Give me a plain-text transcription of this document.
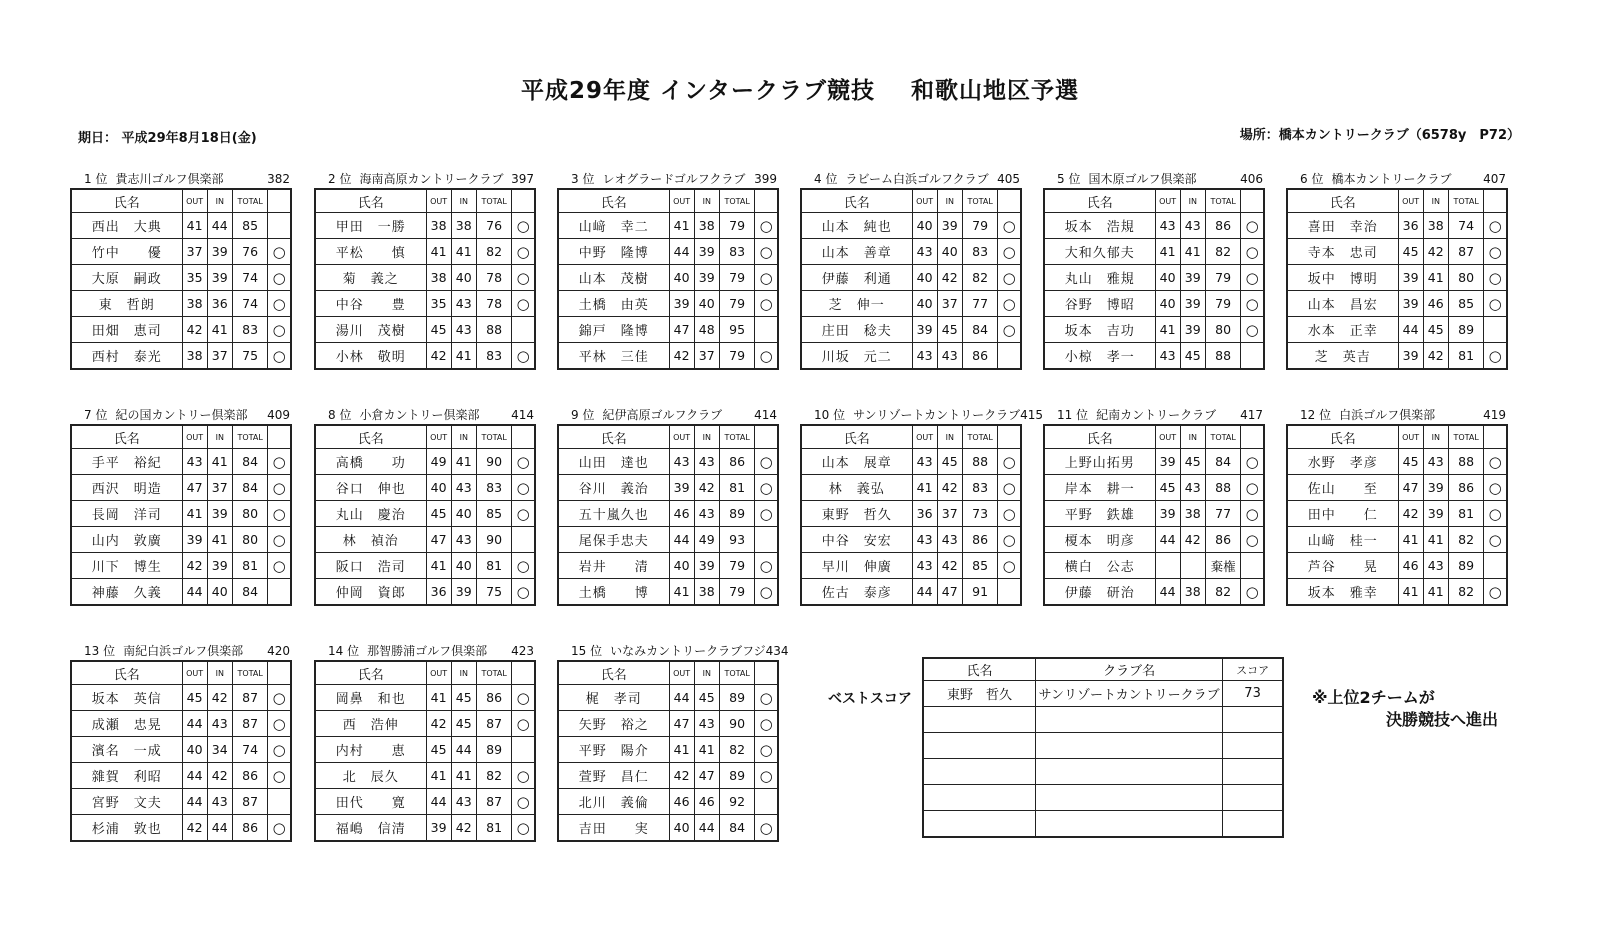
平成29年度 インタークラブ競技 和歌山地区予選
期日： 平成29年8月18日(金)	場所：橋本カントリークラブ（6578y　P72）
1 位 貴志川ゴルフ倶楽部	382
氏名	OUT	IN	TOTAL	
西出　大典	41	44	85	
竹中　　優	37	39	76	○
大原　嗣政	35	39	74	○
東　哲朗	38	36	74	○
田畑　恵司	42	41	83	○
西村　泰光	38	37	75	○
2 位 海南高原カントリークラブ 397
氏名	OUT	IN	TOTAL	
甲田　一勝	38	38	76	○
平松　　慎	41	41	82	○
菊　義之	38	40	78	○
中谷　　豊	35	43	78	○
湯川　茂樹	45	43	88	
小林　敬明	42	41	83	○
3 位 レオグラードゴルフクラブ 399
氏名	OUT	IN	TOTAL	
山﨑　幸二	41	38	79	○
中野　隆博	44	39	83	○
山本　茂樹	40	39	79	○
土橋　由英	39	40	79	○
錦戸　隆博	47	48	95	
平林　三佳	42	37	79	○
4 位 ラビーム白浜ゴルフクラブ 405
氏名	OUT	IN	TOTAL	
山本　純也	40	39	79	○
山本　善章	43	40	83	○
伊藤　利通	40	42	82	○
芝　伸一	40	37	77	○
庄田　稔夫	39	45	84	○
川坂　元二	43	43	86	
5 位 国木原ゴルフ倶楽部	406
氏名	OUT	IN	TOTAL	
坂本　浩規	43	43	86	○
大和久郁夫	41	41	82	○
丸山　雅規	40	39	79	○
谷野　博昭	40	39	79	○
坂本　吉功	41	39	80	○
小椋　孝一	43	45	88	
6 位 橋本カントリークラブ	407
氏名	OUT	IN	TOTAL	
喜田　幸治	36	38	74	○
寺本　忠司	45	42	87	○
坂中　博明	39	41	80	○
山本　昌宏	39	46	85	○
水本　正幸	44	45	89	
芝　英吉	39	42	81	○
7 位 紀の国カントリー倶楽部	409
氏名	OUT	IN	TOTAL	
手平　裕紀	43	41	84	○
西沢　明造	47	37	84	○
長岡　洋司	41	39	80	○
山内　敦廣	39	41	80	○
川下　博生	42	39	81	○
神藤　久義	44	40	84	
8 位 小倉カントリー倶楽部	414
氏名	OUT	IN	TOTAL	
高橋　　功	49	41	90	○
谷口　伸也	40	43	83	○
丸山　慶治	45	40	85	○
林　禎治	47	43	90	
阪口　浩司	41	40	81	○
仲岡　資郎	36	39	75	○
9 位 紀伊高原ゴルフクラブ	414
氏名	OUT	IN	TOTAL	
山田　達也	43	43	86	○
谷川　義治	39	42	81	○
五十嵐久也	46	43	89	○
尾保手忠夫	44	49	93	
岩井　　清	40	39	79	○
土橋　　博	41	38	79	○
10 位 サンリゾートカントリークラブ 415
氏名	OUT	IN	TOTAL	
山本　展章	43	45	88	○
林　義弘	41	42	83	○
東野　哲久	36	37	73	○
中谷　安宏	43	43	86	○
早川　伸廣	43	42	85	○
佐古　泰彦	44	47	91	
11 位 紀南カントリークラブ	417
氏名	OUT	IN	TOTAL	
上野山拓男	39	45	84	○
岸本　耕一	45	43	88	○
平野　鉄雄	39	38	77	○
榎本　明彦	44	42	86	○
横白　公志			棄権	
伊藤　研治	44	38	82	○
12 位 白浜ゴルフ倶楽部	419
氏名	OUT	IN	TOTAL	
水野　孝彦	45	43	88	○
佐山　　至	47	39	86	○
田中　　仁	42	39	81	○
山﨑　桂一	41	41	82	○
芦谷　　晃	46	43	89	
坂本　雅幸	41	41	82	○
13 位 南紀白浜ゴルフ倶楽部	420
氏名	OUT	IN	TOTAL	
坂本　英信	45	42	87	○
成瀬　忠晃	44	43	87	○
濱名　一成	40	34	74	○
雜賀　利昭	44	42	86	○
宮野　文夫	44	43	87	
杉浦　敦也	42	44	86	○
14 位 那智勝浦ゴルフ倶楽部	423
氏名	OUT	IN	TOTAL	
岡鼻　和也	41	45	86	○
西　浩伸	42	45	87	○
内村　　恵	45	44	89	
北　辰久	41	41	82	○
田代　　寛	44	43	87	○
福嶋　信清	39	42	81	○
15 位 いなみカントリークラブフジ 434
氏名	OUT	IN	TOTAL	
梶　孝司	44	45	89	○
矢野　裕之	47	43	90	○
平野　陽介	41	41	82	○
萱野　昌仁	42	47	89	○
北川　義倫	46	46	92	
吉田　　実	40	44	84	○
ベストスコア
氏名	クラブ名	スコア
東野　哲久	サンリゾートカントリークラブ	73

			※上位2チームが
決勝競技へ進出
